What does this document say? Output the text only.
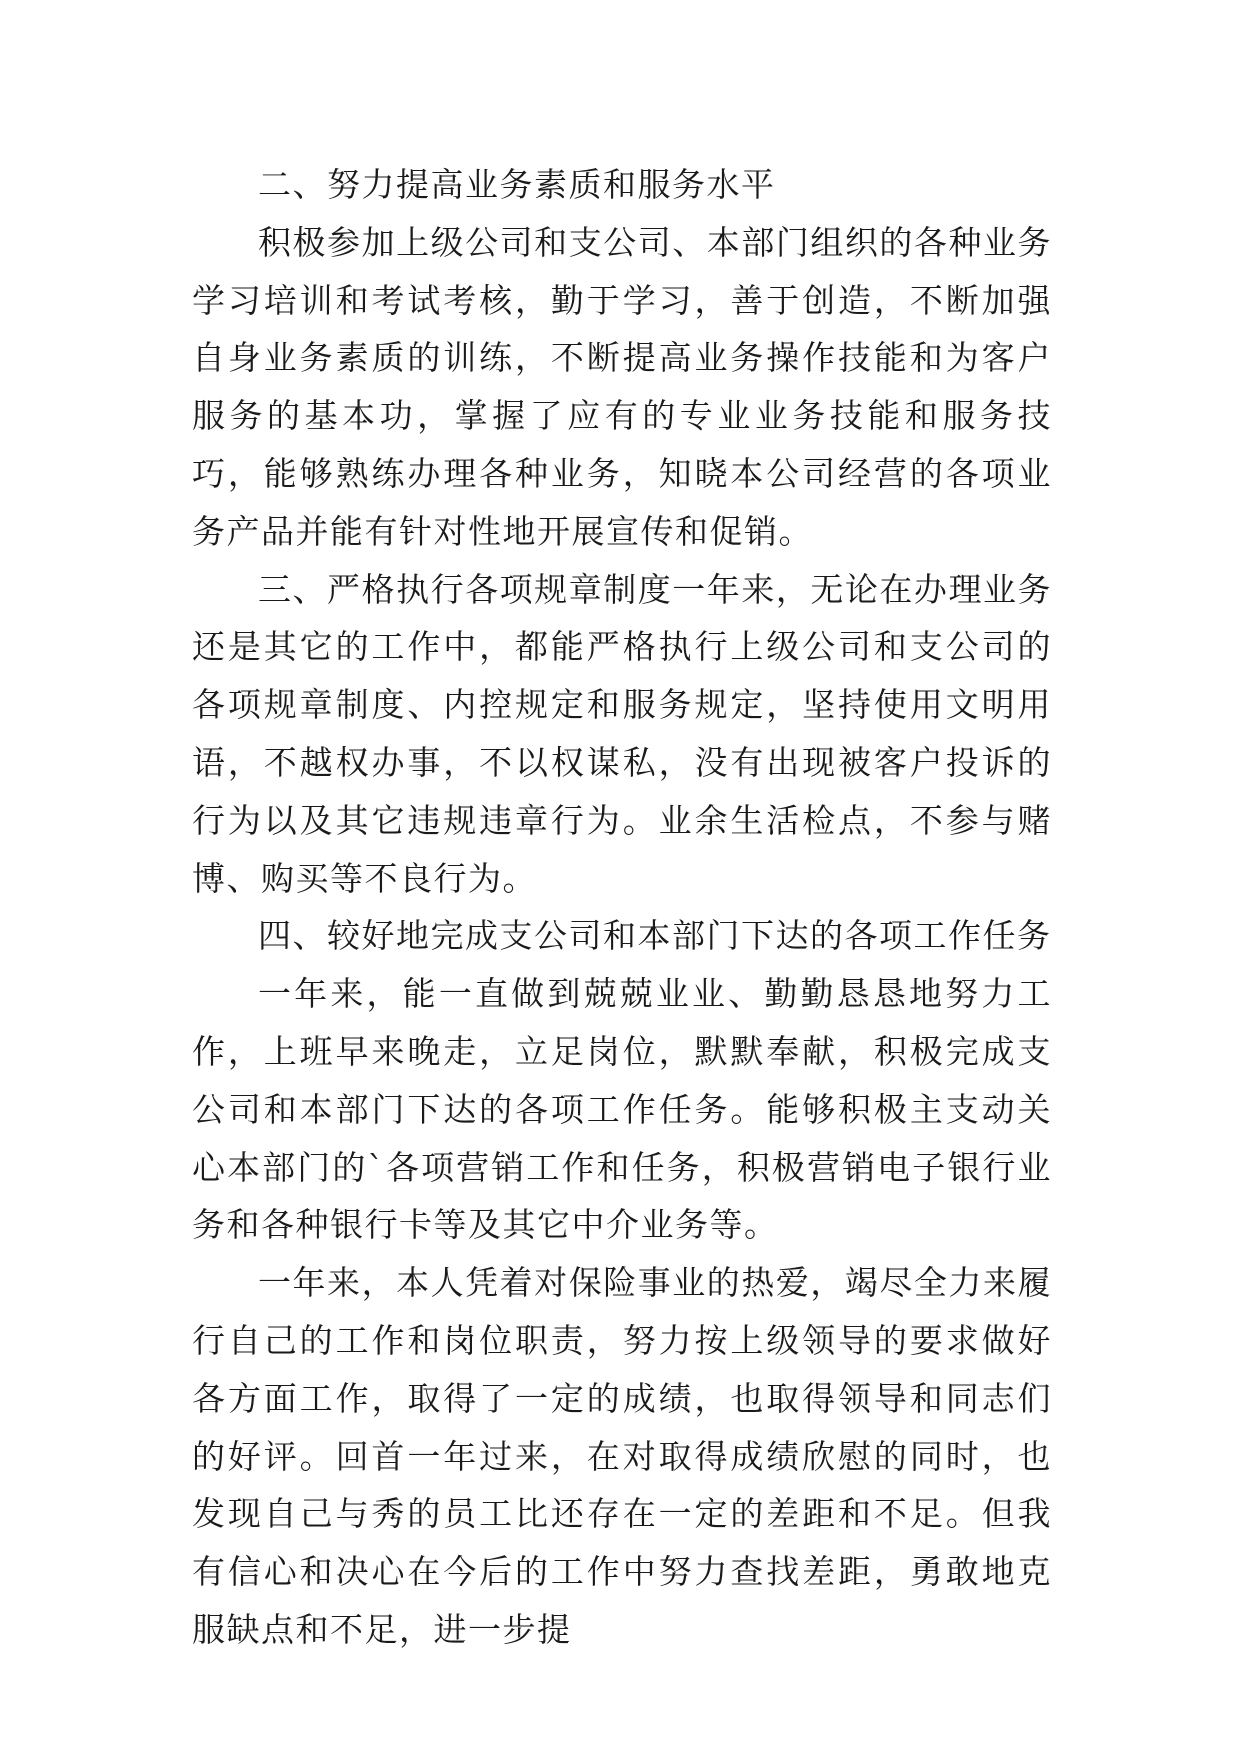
二、努力提高业务素质和服务水平

积极参加上级公司和支公司、本部门组织的各种业务学习培训和考试考核，勤于学习，善于创造，不断加强自身业务素质的训练，不断提高业务操作技能和为客户服务的基本功，掌握了应有的专业业务技能和服务技巧，能够熟练办理各种业务，知晓本公司经营的各项业务产品并能有针对性地开展宣传和促销。

三、严格执行各项规章制度一年来，无论在办理业务还是其它的工作中，都能严格执行上级公司和支公司的各项规章制度、内控规定和服务规定，坚持使用文明用语，不越权办事，不以权谋私，没有出现被客户投诉的行为以及其它违规违章行为。业余生活检点，不参与赌博、购买等不良行为。

四、较好地完成支公司和本部门下达的各项工作任务

一年来，能一直做到兢兢业业、勤勤恳恳地努力工作，上班早来晚走，立足岗位，默默奉献，积极完成支公司和本部门下达的各项工作任务。能够积极主支动关心本部门的`各项营销工作和任务，积极营销电子银行业务和各种银行卡等及其它中介业务等。

一年来，本人凭着对保险事业的热爱，竭尽全力来履行自己的工作和岗位职责，努力按上级领导的要求做好各方面工作，取得了一定的成绩，也取得领导和同志们的好评。回首一年过来，在对取得成绩欣慰的同时，也发现自己与秀的员工比还存在一定的差距和不足。但我有信心和决心在今后的工作中努力查找差距，勇敢地克服缺点和不足，进一步提
